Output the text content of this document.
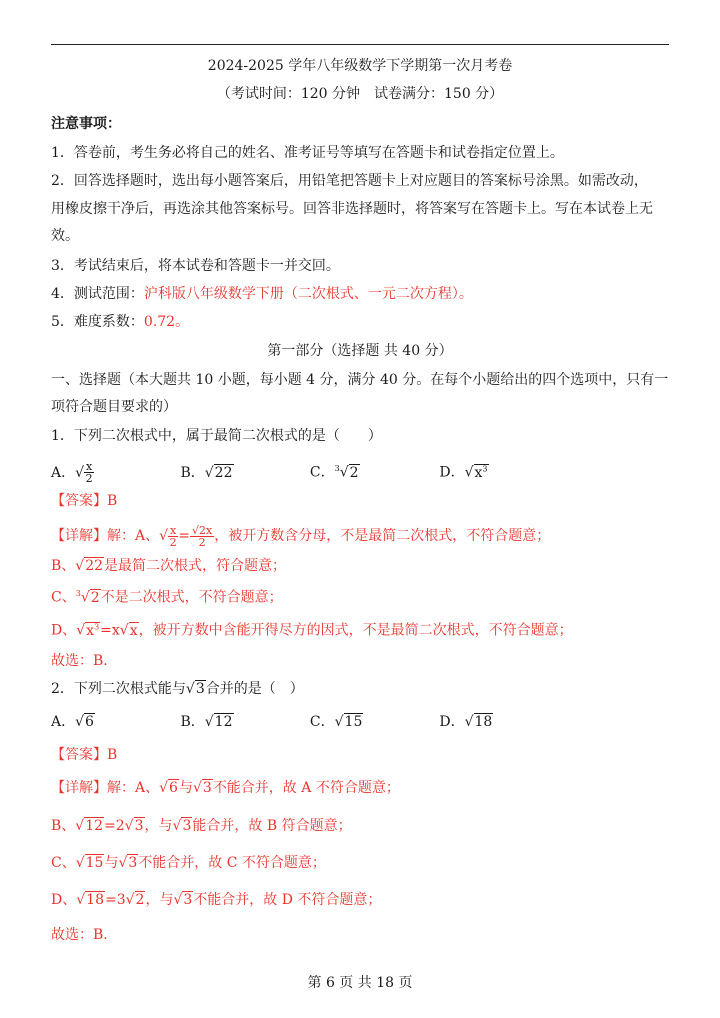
2024-2025 学年八年级数学下学期第一次月考卷
（考试时间：120 分钟　试卷满分：150 分）
注意事项：
1．答卷前，考生务必将自己的姓名、准考证号等填写在答题卡和试卷指定位置上。
2．回答选择题时，选出每小题答案后，用铅笔把答题卡上对应题目的答案标号涂黑。如需改动，
用橡皮擦干净后，再选涂其他答案标号。回答非选择题时，将答案写在答题卡上。写在本试卷上无
效。
3．考试结束后，将本试卷和答题卡一并交回。
4．测试范围：沪科版八年级数学下册（二次根式、一元二次方程）。
5．难度系数：0.72。
第一部分（选择题 共 40 分）
一、选择题（本大题共 10 小题，每小题 4 分，满分 40 分。在每个小题给出的四个选项中，只有一
项符合题目要求的）
1．下列二次根式中，属于最简二次根式的是（　　）
A．√ $\frac{x}{2}$	B．√22	C．$^3$√2	D．$√x^3$
【答案】B
【详解】解：A、√ $\frac{x}{2} = \frac{√2x}{2}$ ，被开方数含分母，不是最简二次根式，不符合题意；
B、√22是最简二次根式，符合题意；
C、$^3$√2不是二次根式，不符合题意；
D、$√x^3=x√x$，被开方数中含能开得尽方的因式，不是最简二次根式，不符合题意；
故选：B.
2．下列二次根式能与√3合并的是（　）
A．√6	B．√12	C．√15	D．√18
【答案】B
【详解】解：A、√6与√3不能合并，故 A 不符合题意；
B、√12=2√3，与√3能合并，故 B 符合题意；
C、√15与√3不能合并，故 C 不符合题意；
D、√18=3√2，与√3不能合并，故 D 不符合题意；
故选：B.
第 6 页 共 18 页
